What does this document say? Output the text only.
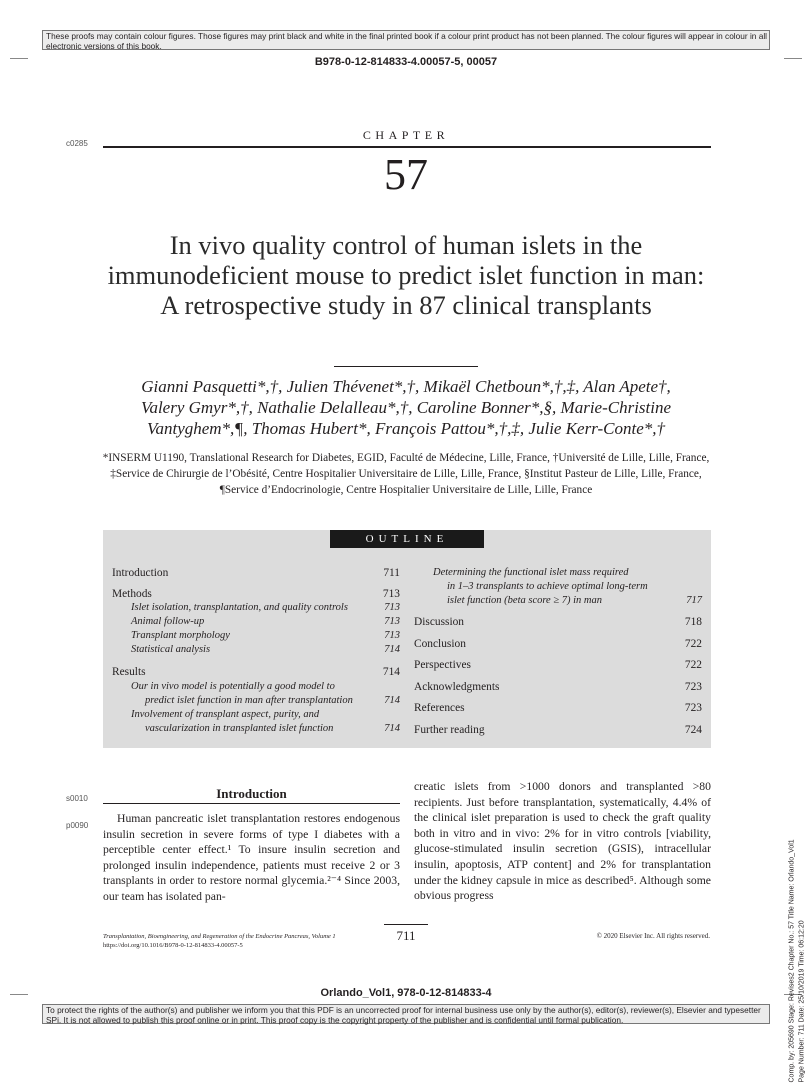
These proofs may contain colour figures. Those figures may print black and white in the final printed book if a colour print product has not been planned. The colour figures will appear in colour in all electronic versions of this book.
B978-0-12-814833-4.00057-5, 00057
c0285
CHAPTER
57
In vivo quality control of human islets in the immunodeficient mouse to predict islet function in man: A retrospective study in 87 clinical transplants
Gianni Pasquetti*,†, Julien Thévenet*,†, Mikaël Chetboun*,†,‡, Alan Apete†,
Valery Gmyr*,†, Nathalie Delalleau*,†, Caroline Bonner*,§, Marie-Christine
Vantyghem*,¶, Thomas Hubert*, François Pattou*,†,‡, Julie Kerr-Conte*,†
*INSERM U1190, Translational Research for Diabetes, EGID, Faculté de Médecine, Lille, France, †Université de Lille, Lille, France, ‡Service de Chirurgie de l’Obésité, Centre Hospitalier Universitaire de Lille, Lille, France, §Institut Pasteur de Lille, Lille, France, ¶Service d’Endocrinologie, Centre Hospitalier Universitaire de Lille, Lille, France
OUTLINE
Introduction	711
Methods	713
Islet isolation, transplantation, and quality controls	713
Animal follow-up	713
Transplant morphology	713
Statistical analysis	714
Results	714
Our in vivo model is potentially a good model to
predict islet function in man after transplantation	714
Involvement of transplant aspect, purity, and
vascularization in transplanted islet function	714
Determining the functional islet mass required
in 1–3 transplants to achieve optimal long-term
islet function (beta score ≥ 7) in man	717
Discussion	718
Conclusion	722
Perspectives	722
Acknowledgments	723
References	723
Further reading	724
s0010	Introduction
p0090
Human pancreatic islet transplantation restores endogenous insulin secretion in severe forms of type I diabetes with a perceptible center effect.¹ To insure insulin secretion and prolonged insulin independence, patients must receive 2 or 3 transplants in order to restore normal glycemia.²⁻⁴ Since 2003, our team has isolated pan-
creatic islets from >1000 donors and transplanted >80 recipients. Just before transplantation, systematically, 4.4% of the clinical islet preparation is used to check the graft quality both in vitro and in vivo: 2% for in vitro controls [viability, glucose-stimulated insulin secretion (GSIS), intracellular insulin, apoptosis, ATP content] and 2% for transplantation under the kidney capsule in mice as described⁵. Although some obvious progress
Transplantation, Bioengineering, and Regeneration of the Endocrine Pancreas, Volume 1
https://doi.org/10.1016/B978-0-12-814833-4.00057-5
711	© 2020 Elsevier Inc. All rights reserved.
Orlando_Vol1, 978-0-12-814833-4
To protect the rights of the author(s) and publisher we inform you that this PDF is an uncorrected proof for internal business use only by the author(s), editor(s), reviewer(s), Elsevier and typesetter SPi. It is not allowed to publish this proof online or in print. This proof copy is the copyright property of the publisher and is confidential until formal publication.	Comp. by: 205690 Stage: Revises2 Chapter No.: 57 Title Name: Orlando_Vol1 Page Number: 711 Date: 25/10/2019 Time: 06:12:20
